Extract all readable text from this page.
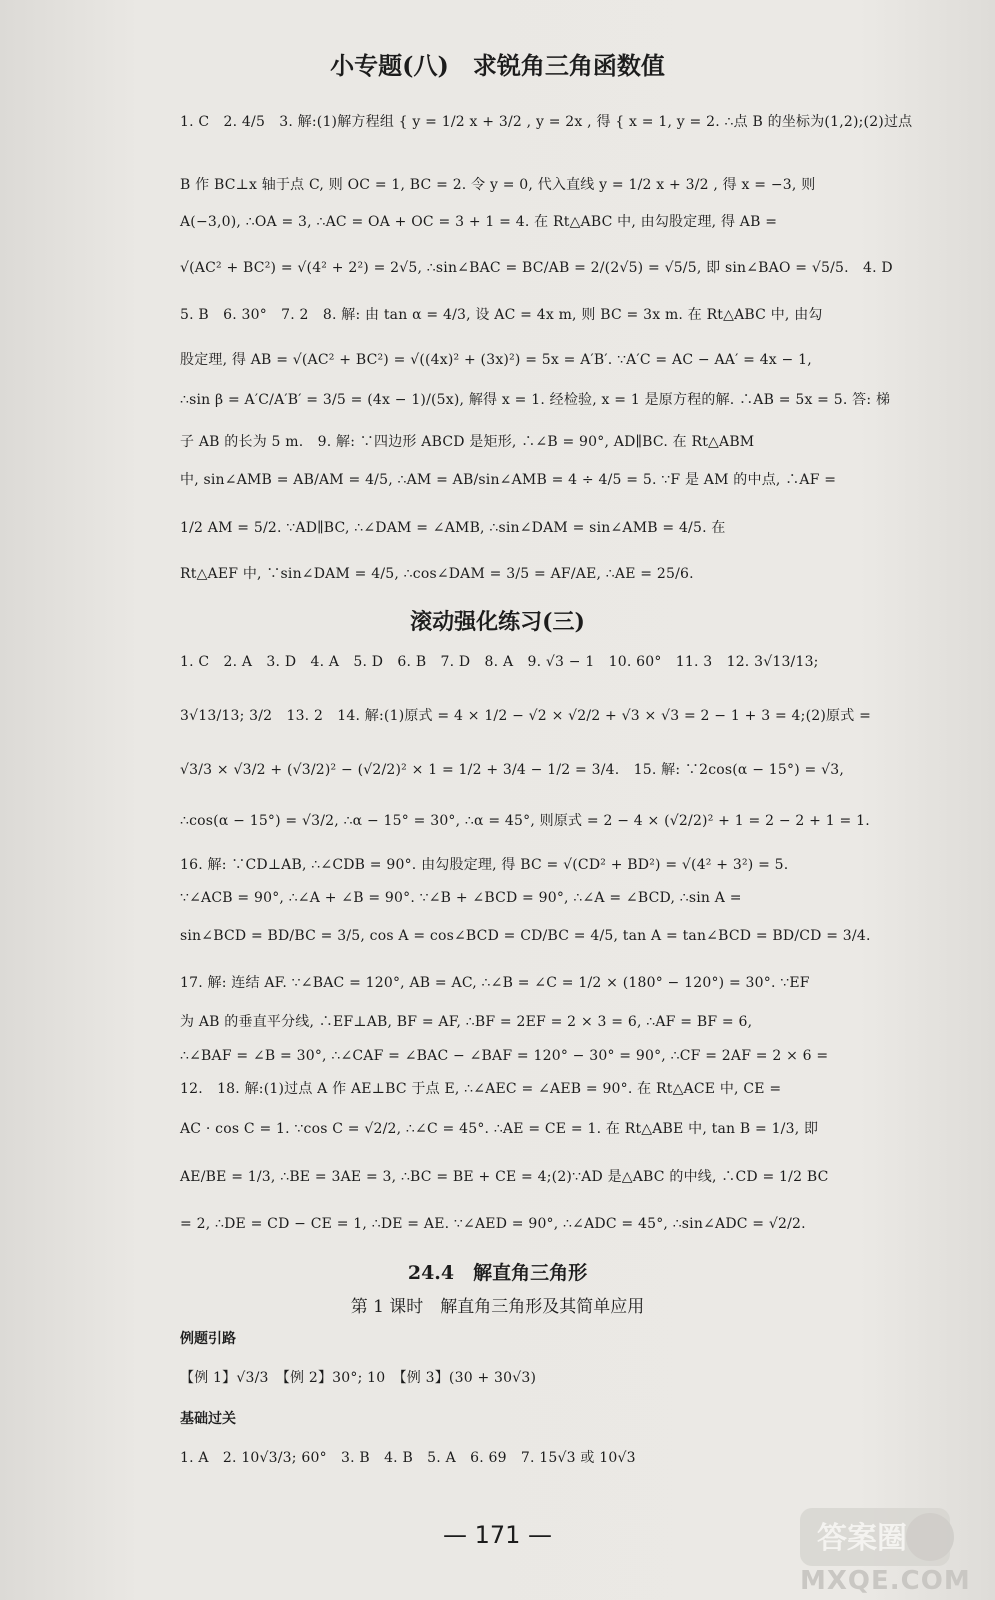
小专题(八)　求锐角三角函数值
1. C　2. 4/5　3. 解:(1)解方程组 { y = 1/2 x + 3/2 , y = 2x , 得 { x = 1, y = 2. ∴点 B 的坐标为(1,2);(2)过点
B 作 BC⊥x 轴于点 C, 则 OC = 1, BC = 2. 令 y = 0, 代入直线 y = 1/2 x + 3/2 , 得 x = −3, 则
A(−3,0), ∴OA = 3, ∴AC = OA + OC = 3 + 1 = 4. 在 Rt△ABC 中, 由勾股定理, 得 AB =
√(AC² + BC²) = √(4² + 2²) = 2√5, ∴sin∠BAC = BC/AB = 2/(2√5) = √5/5, 即 sin∠BAO = √5/5.　4. D
5. B　6. 30°　7. 2　8. 解: 由 tan α = 4/3, 设 AC = 4x m, 则 BC = 3x m. 在 Rt△ABC 中, 由勾
股定理, 得 AB = √(AC² + BC²) = √((4x)² + (3x)²) = 5x = A′B′. ∵A′C = AC − AA′ = 4x − 1,
∴sin β = A′C/A′B′ = 3/5 = (4x − 1)/(5x), 解得 x = 1. 经检验, x = 1 是原方程的解. ∴AB = 5x = 5. 答: 梯
子 AB 的长为 5 m.　9. 解: ∵四边形 ABCD 是矩形, ∴∠B = 90°, AD∥BC. 在 Rt△ABM
中, sin∠AMB = AB/AM = 4/5, ∴AM = AB/sin∠AMB = 4 ÷ 4/5 = 5. ∵F 是 AM 的中点, ∴AF =
1/2 AM = 5/2. ∵AD∥BC, ∴∠DAM = ∠AMB, ∴sin∠DAM = sin∠AMB = 4/5. 在
Rt△AEF 中, ∵sin∠DAM = 4/5, ∴cos∠DAM = 3/5 = AF/AE, ∴AE = 25/6.
滚动强化练习(三)
1. C　2. A　3. D　4. A　5. D　6. B　7. D　8. A　9. √3 − 1　10. 60°　11. 3　12. 3√13/13;
3√13/13; 3/2　13. 2　14. 解:(1)原式 = 4 × 1/2 − √2 × √2/2 + √3 × √3 = 2 − 1 + 3 = 4;(2)原式 =
√3/3 × √3/2 + (√3/2)² − (√2/2)² × 1 = 1/2 + 3/4 − 1/2 = 3/4.　15. 解: ∵2cos(α − 15°) = √3,
∴cos(α − 15°) = √3/2, ∴α − 15° = 30°, ∴α = 45°, 则原式 = 2 − 4 × (√2/2)² + 1 = 2 − 2 + 1 = 1.
16. 解: ∵CD⊥AB, ∴∠CDB = 90°. 由勾股定理, 得 BC = √(CD² + BD²) = √(4² + 3²) = 5.
∵∠ACB = 90°, ∴∠A + ∠B = 90°. ∵∠B + ∠BCD = 90°, ∴∠A = ∠BCD, ∴sin A =
sin∠BCD = BD/BC = 3/5, cos A = cos∠BCD = CD/BC = 4/5, tan A = tan∠BCD = BD/CD = 3/4.
17. 解: 连结 AF. ∵∠BAC = 120°, AB = AC, ∴∠B = ∠C = 1/2 × (180° − 120°) = 30°. ∵EF
为 AB 的垂直平分线, ∴EF⊥AB, BF = AF, ∴BF = 2EF = 2 × 3 = 6, ∴AF = BF = 6,
∴∠BAF = ∠B = 30°, ∴∠CAF = ∠BAC − ∠BAF = 120° − 30° = 90°, ∴CF = 2AF = 2 × 6 =
12.　18. 解:(1)过点 A 作 AE⊥BC 于点 E, ∴∠AEC = ∠AEB = 90°. 在 Rt△ACE 中, CE =
AC · cos C = 1. ∵cos C = √2/2, ∴∠C = 45°. ∴AE = CE = 1. 在 Rt△ABE 中, tan B = 1/3, 即
AE/BE = 1/3, ∴BE = 3AE = 3, ∴BC = BE + CE = 4;(2)∵AD 是△ABC 的中线, ∴CD = 1/2 BC
= 2, ∴DE = CD − CE = 1, ∴DE = AE. ∵∠AED = 90°, ∴∠ADC = 45°, ∴sin∠ADC = √2/2.
24.4　解直角三角形
第 1 课时　解直角三角形及其简单应用
例题引路
【例 1】√3/3　【例 2】30°; 10　【例 3】(30 + 30√3)
基础过关
1. A　2. 10√3/3; 60°　3. B　4. B　5. A　6. 69　7. 15√3 或 10√3
— 171 —	答案圈
MXQE.COM
